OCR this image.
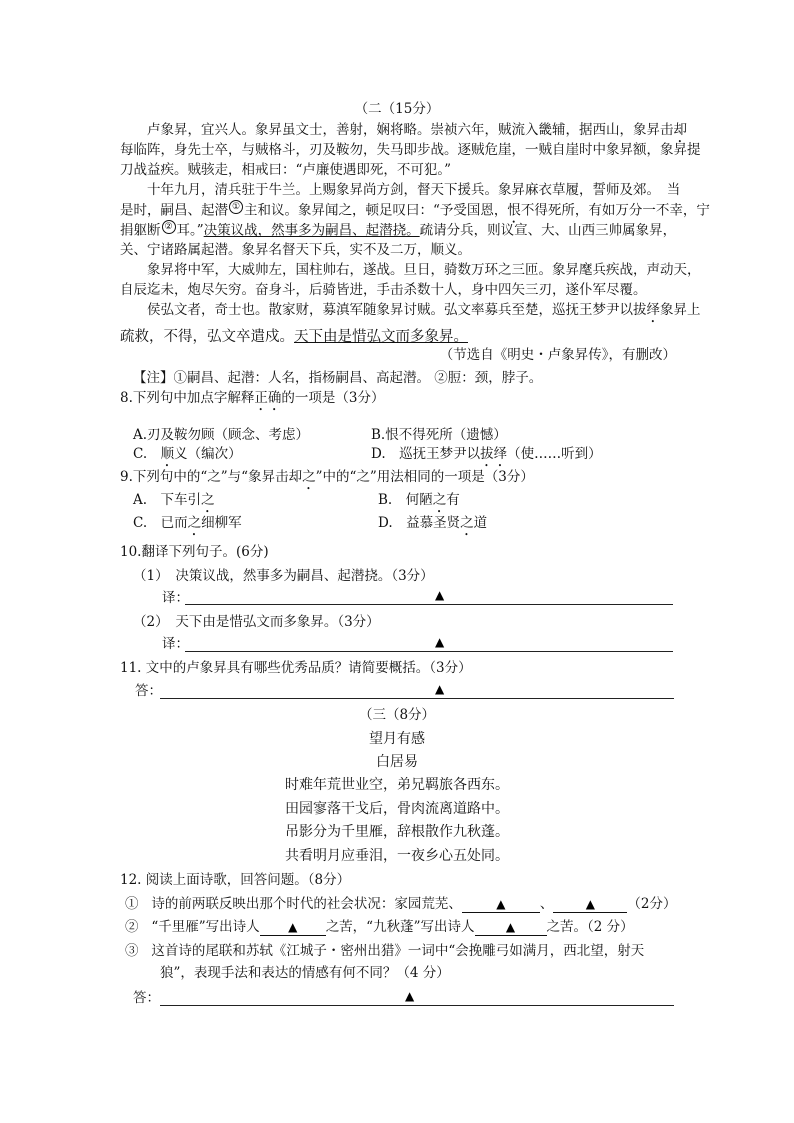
（二（15分）
卢象昇，宜兴人。象昇虽文士，善射，娴将略。崇祯六年，贼流入畿辅，据西山，象昇击却
每临阵，身先士卒，与贼格斗，刃及鞍勿，失马即步战。逐贼危崖，一贼自崖时中象昇额，象昇提
刀战益疾。贼骇走，相戒曰：“卢廉使遇即死，不可犯。”
十年九月，清兵驻于牛兰。上赐象昇尚方剑，督天下援兵。象昇麻衣草履，誓师及郊。　当
是时，嗣昌、起潜 ① 主和议。象昇闻之，顿足叹曰：“予受国恩，恨不得死所，有如万分一不幸，宁
捐躯断 ② 耳。”决策议战，然事多为嗣昌、起潜挠。疏请分兵，则议宣、大、山西三帅属象昇，
关、宁诸路属起潜。象昇名督天下兵，实不及二万，顺义。
象昇将中军，大威帅左，国柱帅右，遂战。旦日，骑数万环之三匝。象昇麾兵疾战，声动天，
自辰迄未，炮尽矢穷。奋身斗，后骑皆进，手击杀数十人，身中四矢三刃，遂仆军尽覆。
侯弘文者，奇士也。散家财，募滇军随象昇讨贼。弘文率募兵至楚，巡抚王梦尹以拔绎象昇上
疏救，不得，弘文卒遣戍。天下由是惜弘文而多象昇。
（节选自《明史・卢象昇传》，有删改）
【注】①嗣昌、起潜：人名，指杨嗣昌、高起潜。 ②脰：颈，脖子。
8.下列句中加点字解释正确的一项是（3分）
A.刃及鞍勿顾（顾念、考虑）	B.恨不得死所（遗憾）
C.　顺义（编次）	D.　巡抚王梦尹以拔绎（使……听到）
9.下列句中的“之”与“象昇击却之”中的“之”用法相同的一项是（3分）
A.　下车引之	B.　何陋之有
C.　已而之细柳军	D.　益慕圣贤之道
10.翻译下列句子。(6分)
（1）　决策议战，然事多为嗣昌、起潜挠。（3分）
译：	▲
（2）　天下由是惜弘文而多象昇。（3分）
译：	▲
11. 文中的卢象昇具有哪些优秀品质？请简要概括。（3分）
答：	▲
（三（8分）
望月有感
白居易
时难年荒世业空，弟兄羁旅各西东。
田园寥落干戈后，骨肉流离道路中。
吊影分为千里雁，辞根散作九秋蓬。
共看明月应垂泪，一夜乡心五处同。
12. 阅读上面诗歌，回答问题。（8分）
① 诗的前两联反映出那个时代的社会状况：家园荒芜、	▲	、	▲ （2分）
② “千里雁”写出诗人 ▲ 之苦，“九秋蓬”写出诗人	▲ 之苦。（2 分）
③ 这首诗的尾联和苏轼《江城子・密州出猎》一词中“会挽雕弓如满月，西北望，射天
狼”，表现手法和表达的情感有何不同？（4 分）
答：	▲
